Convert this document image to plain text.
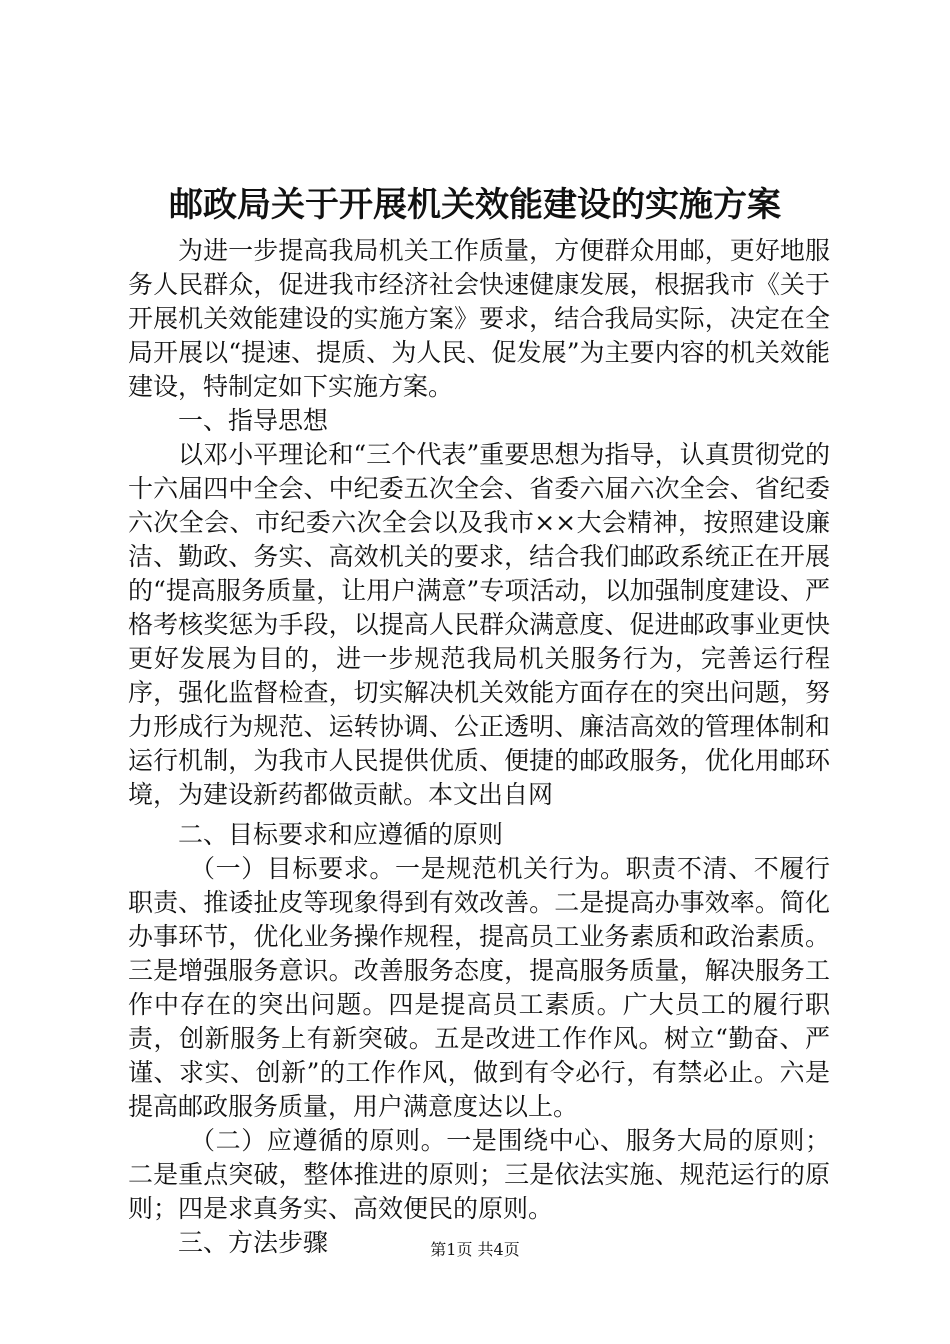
邮政局关于开展机关效能建设的实施方案

为进一步提高我局机关工作质量，方便群众用邮，更好地服务人民群众，促进我市经济社会快速健康发展，根据我市《关于开展机关效能建设的实施方案》要求，结合我局实际，决定在全局开展以“提速、提质、为人民、促发展”为主要内容的机关效能建设，特制定如下实施方案。

一、指导思想

以邓小平理论和“三个代表”重要思想为指导，认真贯彻党的十六届四中全会、中纪委五次全会、省委六届六次全会、省纪委六次全会、市纪委六次全会以及我市××大会精神，按照建设廉洁、勤政、务实、高效机关的要求，结合我们邮政系统正在开展的“提高服务质量，让用户满意”专项活动，以加强制度建设、严格考核奖惩为手段，以提高人民群众满意度、促进邮政事业更快更好发展为目的，进一步规范我局机关服务行为，完善运行程序，强化监督检查，切实解决机关效能方面存在的突出问题，努力形成行为规范、运转协调、公正透明、廉洁高效的管理体制和运行机制，为我市人民提供优质、便捷的邮政服务，优化用邮环境，为建设新药都做贡献。本文出自网

二、目标要求和应遵循的原则

（一）目标要求。一是规范机关行为。职责不清、不履行职责、推诿扯皮等现象得到有效改善。二是提高办事效率。简化办事环节，优化业务操作规程，提高员工业务素质和政治素质。三是增强服务意识。改善服务态度，提高服务质量，解决服务工作中存在的突出问题。四是提高员工素质。广大员工的履行职责，创新服务上有新突破。五是改进工作作风。树立“勤奋、严谨、求实、创新”的工作作风，做到有令必行，有禁必止。六是提高邮政服务质量，用户满意度达以上。

（二）应遵循的原则。一是围绕中心、服务大局的原则；二是重点突破，整体推进的原则；三是依法实施、规范运行的原则；四是求真务实、高效便民的原则。

三、方法步骤	第1页 共4页
